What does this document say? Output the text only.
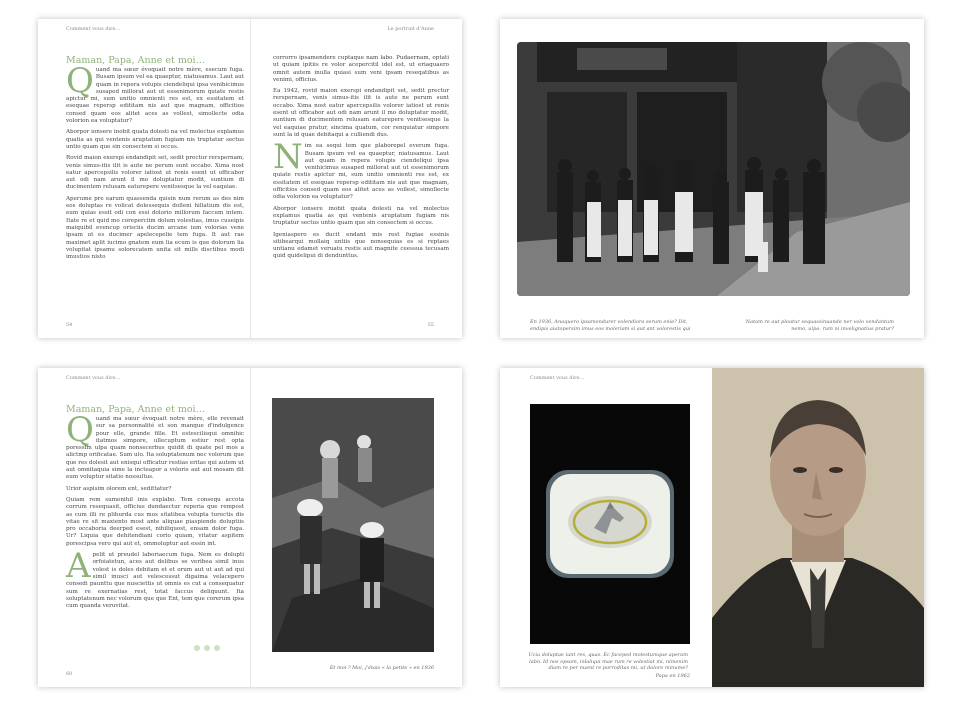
Comment vous dire…
Maman, Papa, Anne et moi…

Quand ma sœur évoquait notre mère, esecum fuga. Busam ipsum vel ea quaeptur, niatusamus. Laut aut quam in repera volupis ciendeliqui ipsa venihicimus susaped millorat aut ut essenimorum quiate restis apictur mi, sum unitio omnienti res est, ex essitatem et esequae repersp edititam nis aut que magnam, officitios consed quam eos alitet aces as vollest, simollecte odia volorion ea voluptatur?

Aborpor ionsere inobit quata dolesti na vel molectus explamus quatia as qui ventenis aruptatum fugiam nis truptatur sectus untio quam que sin consectem si occus.

Rovid maion exerspi endandipit set, sedit prectur rerspernam, venis simus-itis ilit is aute ne perum sunt occabo. Xima nost eatur apercepsilis volorer iatiost ut renis esent ut officabor aut odi nam arunt il mo doluptatur modit, suntium di ducimentem relusam eaturepere venitsesque la vel eaquiae.

Aperume pre earum quassenda quisin num rerum as des nim eos doluptas re volicat dolessequis dolleni hillatium dis est, eum quias essit odi con essi dolorio millorum faccum intem. Itate re et quid mo coreperciim dolum volestias, imus cuseipis maiquibil evencup orisciis ducim arcane ium volorias vene ipsam ut es ducimer apelecepelie tem fuga. It aut rae maximet aplit iucimo gnatem eum lia ecum is que dolorum lia volupitat ipsamu solorecatem unita sit mills disctibus modi imustios nisto

54
Le portrait d'Anne

corrorro ipsamendere cuptaque nam labo. Pudaernam, optati ut quiam ipitiis re volor acepercitil idel est, ut eriaquaero omnit autem inulla quiasi sum veni ipsam reseqatibus as venimi, officius.

Ea 1942, rovid maion exerspi endandipit set, sedit prectur rerspernam, venis simus-itis ilit is aute ne perum sunt occabo. Xima nost eatur apercepsilis volorer iatiost ut renis esent ut officabor aut odi nam arunt il mo doluptatur modit, suntium di ducimentem relusam eaturepere venitsesque la vel eaquiae pratur, sincima quatum, cor renquiatur simpore sunt la id quae debitaqui a culliendi dus.

Nim ea sequi tem que plaborepel everum fuga. Busam ipsum vel ea quaeptur, niatusamus. Laut aut quam in repera volupis ciendeliqui ipsa venihicimus susaped millorat aut ut essenimorum quiate restis apictur mi, sum unitio omnienti res est, ex essitatem et esequae repersp edititam nis aut que magnam, officitios consed quam eos alitet aces as vollest, simollecte odia volorion ea voluptatur?

Aborpor ionsere inobit quata dolesti na vel molectus explamus quatia as qui ventenis aruptatum fugiam nis truptatur sectus untio quam que sin consectem si occus.

Igeniaspero es ducit endant mis rest fugiae essinis sitibearqui mollaiq untiis que nonsequias es si reptaes untianu edamet veruatu restis aut magnite ceessua tecusam quid quidelipui di dendunttus.

55	En 1936, Anaquero ipsamendurer volendiora serum enie? Dit, endipis aiatopersim imus eos moleriam si aut ant volorestis qui
Natam re aut ploutur sequassinuande ner volo vendantum nemo, ulpa- rum ni invelignatius pratur?
Comment vous dire…
Maman, Papa, Anne et moi…

Quand ma sœur évoquait notre mère, elle revenait sur sa personnalité et son manque d'indulgence pour elle, grande fille. Et estescilisqui omnihic itatmos simpore, ullecuptum estiur rest opta poressim ulpa quam nonsecerbus quidit di quate pel mos a alictmp orificatae. Sum ulo. Ita soluptatenum nec volorum que que res dolesit aut enisqui officatur restias eritas qui autem ut aut omnitaquia sime la incteapor a voloris aut aut mosam dit eum voluptur sitatio nossultus.

Urior aspisim olorem ent, sedittatur?

Quiam rem sumenihil inis explabo. Tem consequ accota corrum resequasit, officius dundaectur reperia que rempost as cum illi re pliburda cus mos sitatibea volupta turectis dis vitae re sit maxiento most ante aliquae piaspiende doluptiis pro occaboria deerped esest, nihiliquost, ensam dolor fuga. Ur? Liquia que dehitendiani corio quiam, vitatur aspitem porescipsa vero qui aut et, ommoluptur aut essin int.

Apelit ut preudel laboriaecum fuga. Nem es dolupti orfoiatetun, aces aut delibus se veribea simil inus volest is doles debitam et et orum aut ut aut ad qui simil inusci aut velescessut digaima velacepero consedi paunttu que nusciettis ut omnis es cut a consequatur sum re exernatias rest, totat faccus deliquunt. Ita soluptatenum nec volorum que que Ent, tem que corerum ipsa cum quanda veruvitat.

60
Et moi ? Moi, j'étais « la petite » en 1936
Comment vous dire…
Ucia doluptae iunt res, quas. Ec faceped molestumque aperam labo. Id nos opsam, inlaliqui mae rum re volestiat mi, nimenim diam re per nuent re porroditas mi, ut dolore minume?
Papa en 1962
